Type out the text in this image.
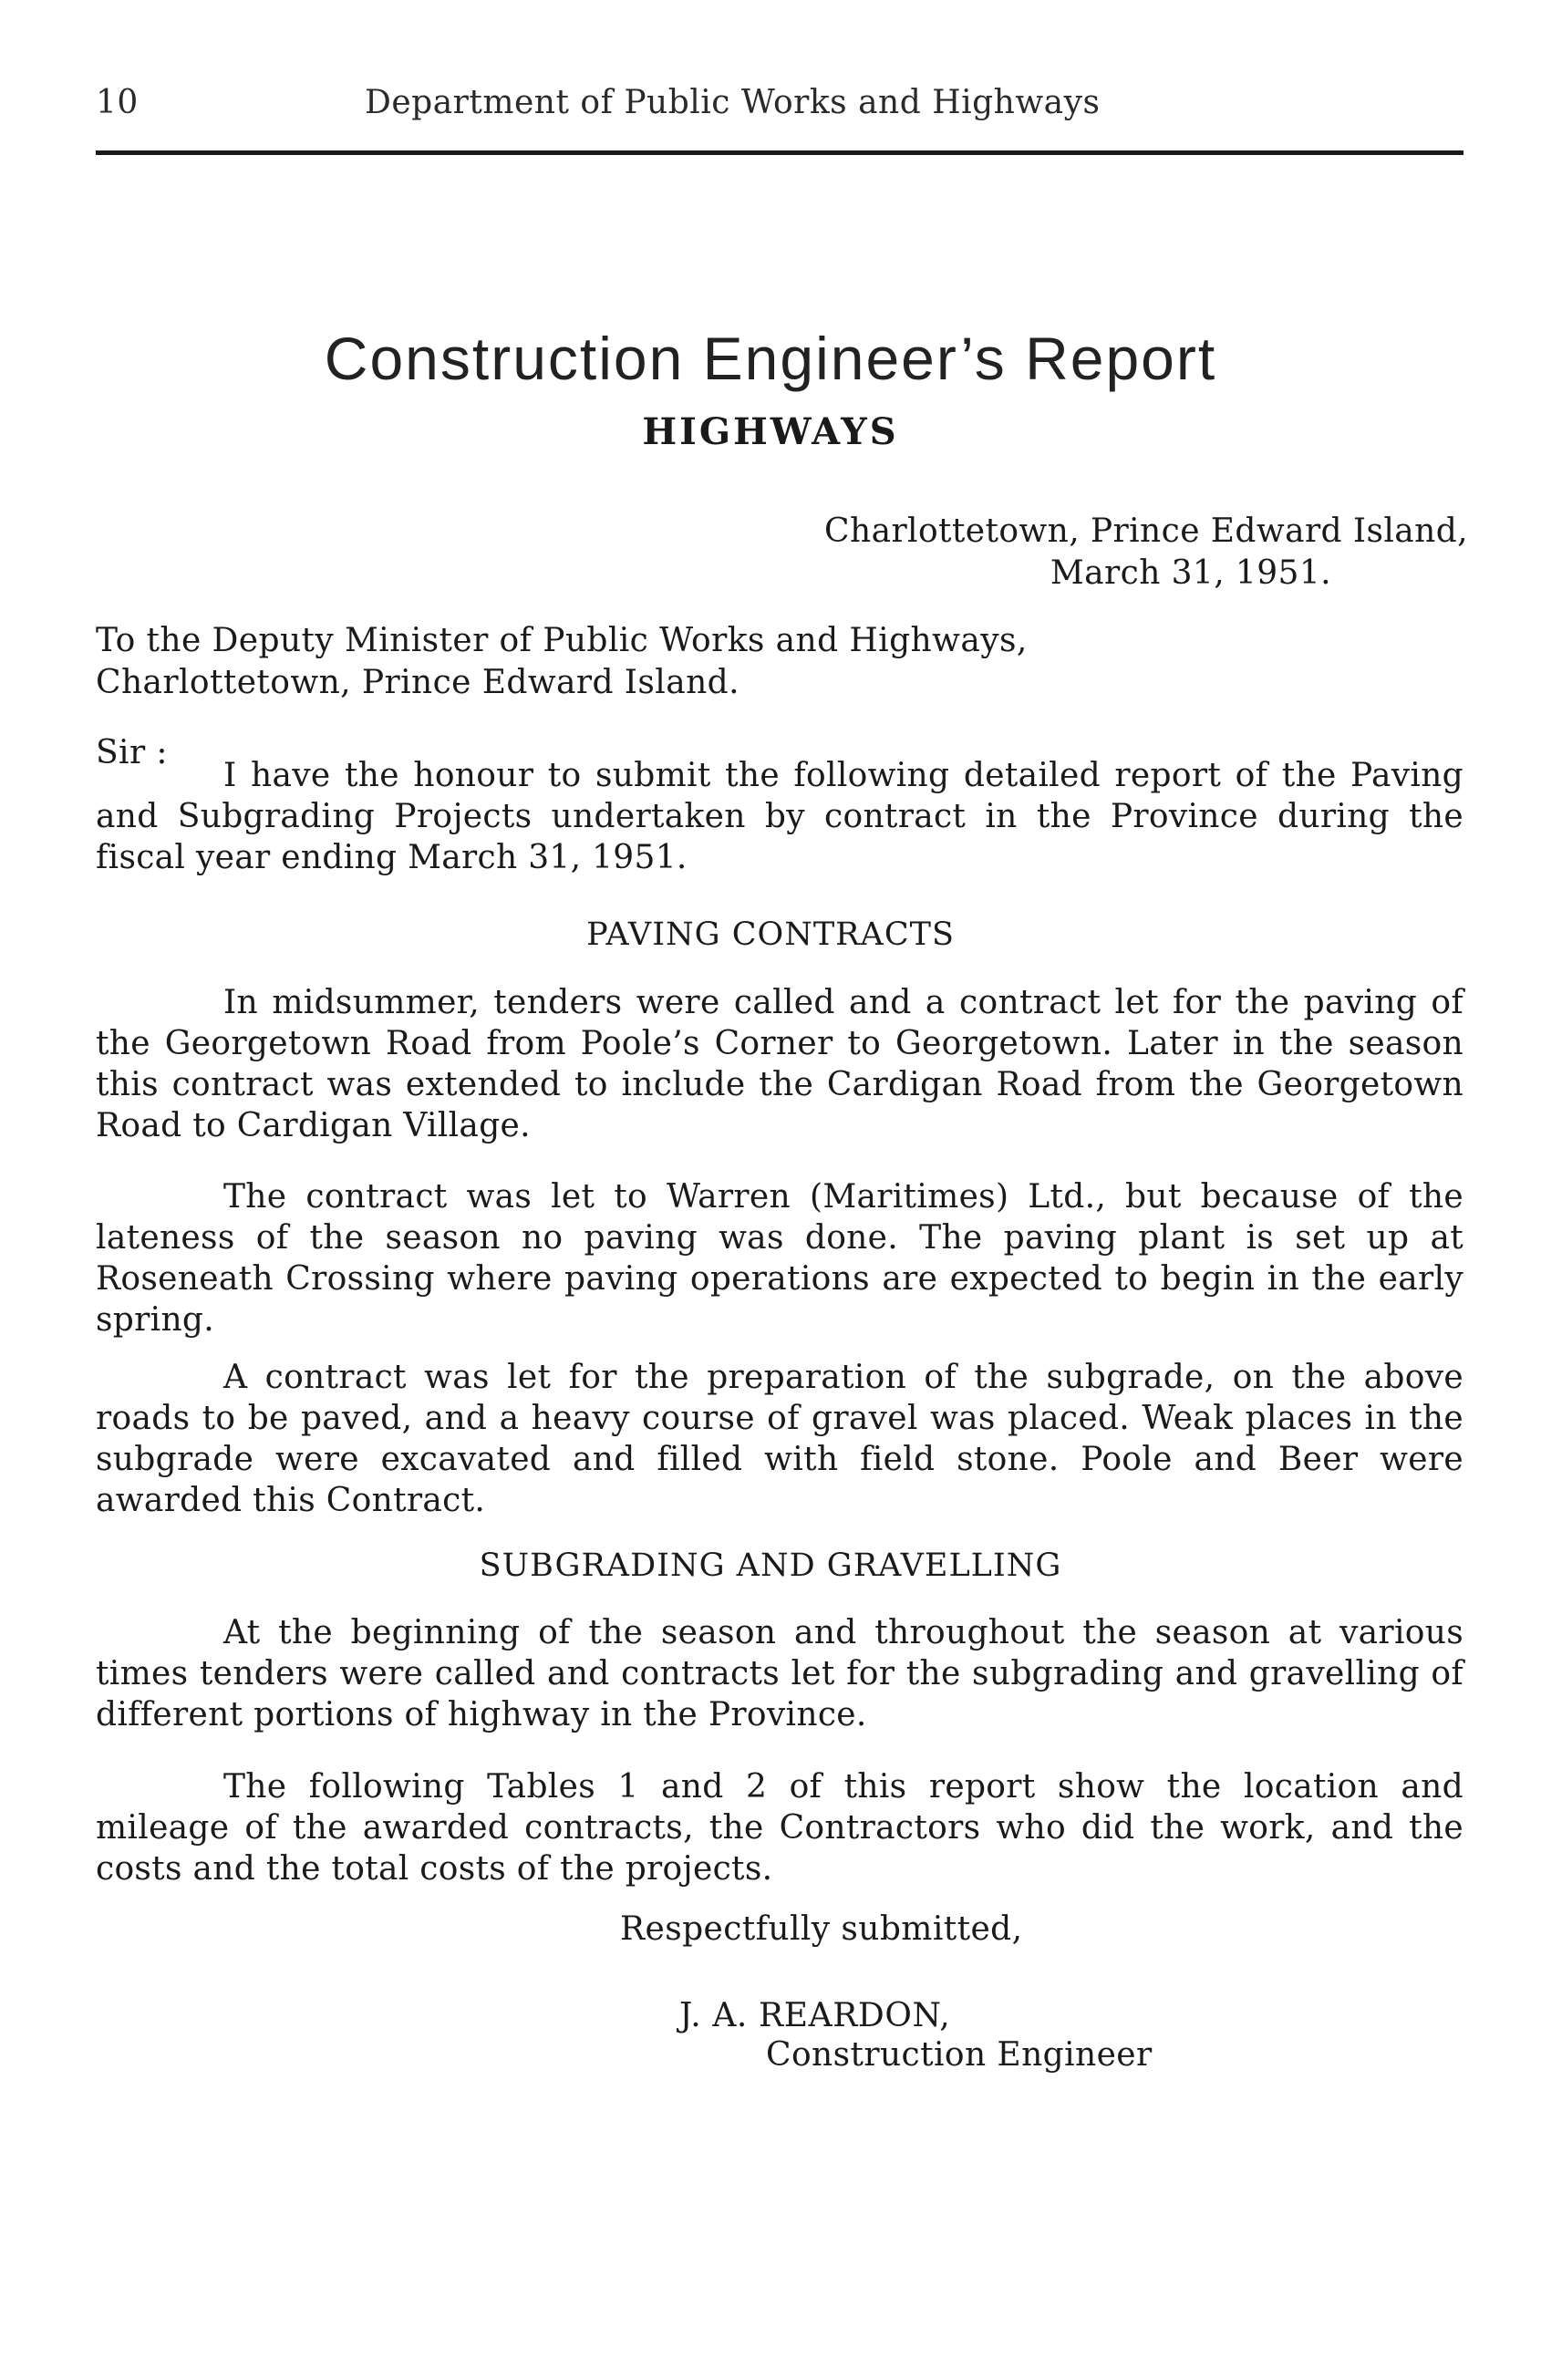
10	Department of Public Works and Highways
Construction Engineer’s Report
HIGHWAYS
Charlottetown, Prince Edward Island,
March 31, 1951.
To the Deputy Minister of Public Works and Highways,
Charlottetown, Prince Edward Island.
Sir :

I have the honour to submit the following detailed report of the Paving and Subgrading Projects undertaken by contract in the Province during the fiscal year ending March 31, 1951.

PAVING CONTRACTS

In midsummer, tenders were called and a contract let for the paving of the Georgetown Road from Poole’s Corner to Georgetown. Later in the season this contract was extended to include the Cardigan Road from the Georgetown Road to Cardigan Village.

The contract was let to Warren (Maritimes) Ltd., but because of the lateness of the season no paving was done. The paving plant is set up at Roseneath Crossing where paving operations are expected to begin in the early spring.

A contract was let for the preparation of the subgrade, on the above roads to be paved, and a heavy course of gravel was placed. Weak places in the subgrade were excavated and filled with field stone. Poole and Beer were awarded this Contract.

SUBGRADING AND GRAVELLING

At the beginning of the season and throughout the season at various times tenders were called and contracts let for the subgrading and gravelling of different portions of highway in the Province.

The following Tables 1 and 2 of this report show the location and mileage of the awarded contracts, the Contractors who did the work, and the costs and the total costs of the projects.

Respectfully submitted,
J. A. REARDON,
Construction Engineer
